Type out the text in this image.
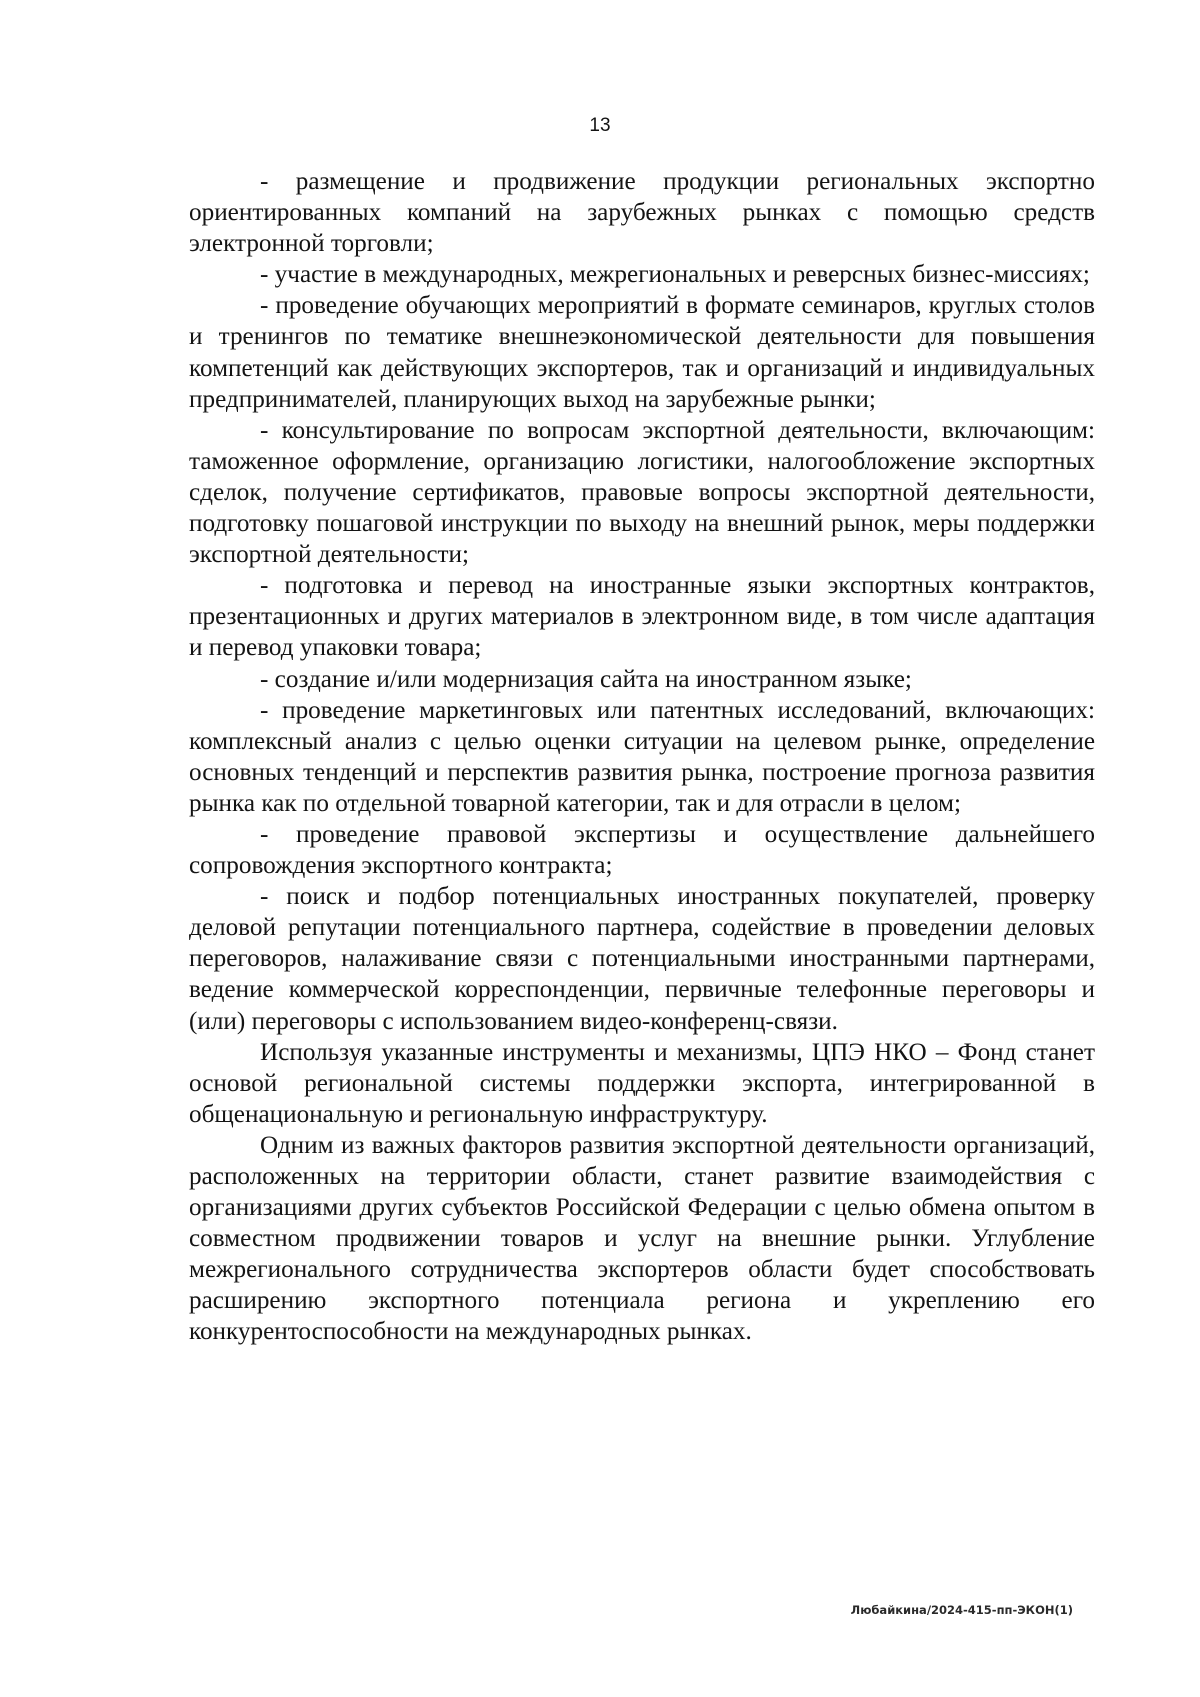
13

- размещение и продвижение продукции региональных экспортно ориентированных компаний на зарубежных рынках с помощью средств электронной торговли;

- участие в международных, межрегиональных и реверсных бизнес-миссиях;

- проведение обучающих мероприятий в формате семинаров, круглых столов и тренингов по тематике внешнеэкономической деятельности для повышения компетенций как действующих экспортеров, так и организаций и индивидуальных предпринимателей, планирующих выход на зарубежные рынки;

- консультирование по вопросам экспортной деятельности, включающим: таможенное оформление, организацию логистики, налогообложение экспортных сделок, получение сертификатов, правовые вопросы экспортной деятельности, подготовку пошаговой инструкции по выходу на внешний рынок, меры поддержки экспортной деятельности;

- подготовка и перевод на иностранные языки экспортных контрактов, презентационных и других материалов в электронном виде, в том числе адаптация и перевод упаковки товара;

- создание и/или модернизация сайта на иностранном языке;

- проведение маркетинговых или патентных исследований, включающих: комплексный анализ с целью оценки ситуации на целевом рынке, определение основных тенденций и перспектив развития рынка, построение прогноза развития рынка как по отдельной товарной категории, так и для отрасли в целом;

- проведение правовой экспертизы и осуществление дальнейшего сопровождения экспортного контракта;

- поиск и подбор потенциальных иностранных покупателей, проверку деловой репутации потенциального партнера, содействие в проведении деловых переговоров, налаживание связи с потенциальными иностранными партнерами, ведение коммерческой корреспонденции, первичные телефонные переговоры и (или) переговоры с использованием видео-конференц-связи.

Используя указанные инструменты и механизмы, ЦПЭ НКО – Фонд станет основой региональной системы поддержки экспорта, интегрированной в общенациональную и региональную инфраструктуру.

Одним из важных факторов развития экспортной деятельности организаций, расположенных на территории области, станет развитие взаимодействия с организациями других субъектов Российской Федерации с целью обмена опытом в совместном продвижении товаров и услуг на внешние рынки. Углубление межрегионального сотрудничества экспортеров области будет способствовать расширению экспортного потенциала региона и укреплению его конкурентоспособности на международных рынках.

Любайкина/2024-415-пп-ЭКОН(1)
